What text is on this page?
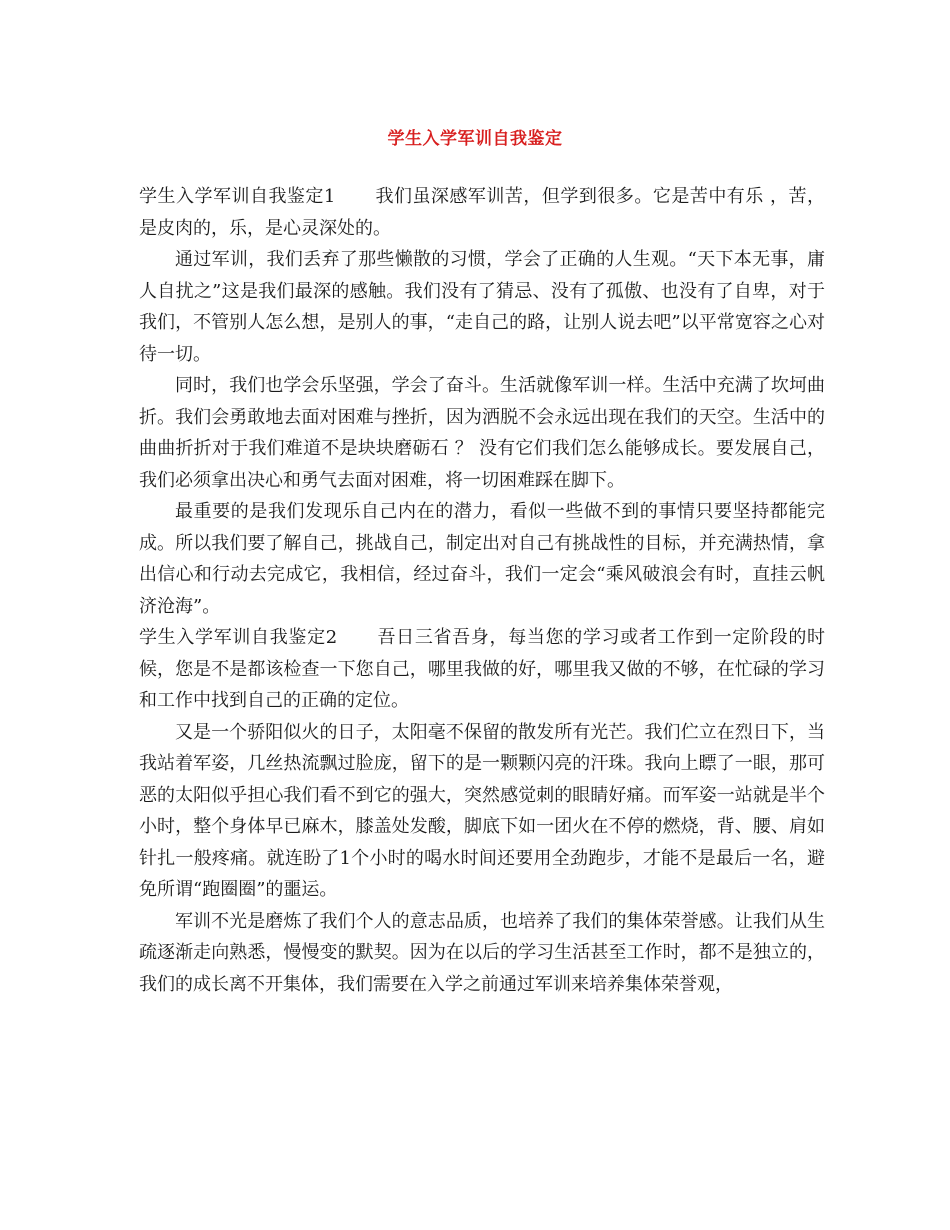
学生入学军训自我鉴定

学生入学军训自我鉴定1 我们虽深感军训苦，但学到很多。它是苦中有乐 ，苦，是皮肉的，乐，是心灵深处的。

通过军训，我们丢弃了那些懒散的习惯，学会了正确的人生观。“天下本无事，庸人自扰之”这是我们最深的感触。我们没有了猜忌、没有了孤傲、也没有了自卑，对于我们，不管别人怎么想，是别人的事，“走自己的路，让别人说去吧”以平常宽容之心对待一切。

同时，我们也学会乐坚强，学会了奋斗。生活就像军训一样。生活中充满了坎坷曲折。我们会勇敢地去面对困难与挫折，因为洒脱不会永远出现在我们的天空。生活中的曲曲折折对于我们难道不是块块磨砺石 ？ 没有它们我们怎么能够成长。要发展自己，我们必须拿出决心和勇气去面对困难，将一切困难踩在脚下。

最重要的是我们发现乐自己内在的潜力，看似一些做不到的事情只要坚持都能完成。所以我们要了解自己，挑战自己，制定出对自己有挑战性的目标，并充满热情，拿出信心和行动去完成它，我相信，经过奋斗，我们一定会“乘风破浪会有时，直挂云帆济沧海”。

学生入学军训自我鉴定2 吾日三省吾身，每当您的学习或者工作到一定阶段的时候，您是不是都该检查一下您自己，哪里我做的好，哪里我又做的不够，在忙碌的学习和工作中找到自己的正确的定位。

又是一个骄阳似火的日子，太阳毫不保留的散发所有光芒。我们伫立在烈日下，当我站着军姿，几丝热流飘过脸庞，留下的是一颗颗闪亮的汗珠。我向上瞟了一眼，那可恶的太阳似乎担心我们看不到它的强大，突然感觉刺的眼睛好痛。而军姿一站就是半个小时，整个身体早已麻木，膝盖处发酸，脚底下如一团火在不停的燃烧，背、腰、肩如针扎一般疼痛。就连盼了1个小时的喝水时间还要用全劲跑步，才能不是最后一名，避免所谓“跑圈圈”的噩运。

军训不光是磨炼了我们个人的意志品质，也培养了我们的集体荣誉感。让我们从生疏逐渐走向熟悉，慢慢变的默契。因为在以后的学习生活甚至工作时，都不是独立的，我们的成长离不开集体，我们需要在入学之前通过军训来培养集体荣誉观，
